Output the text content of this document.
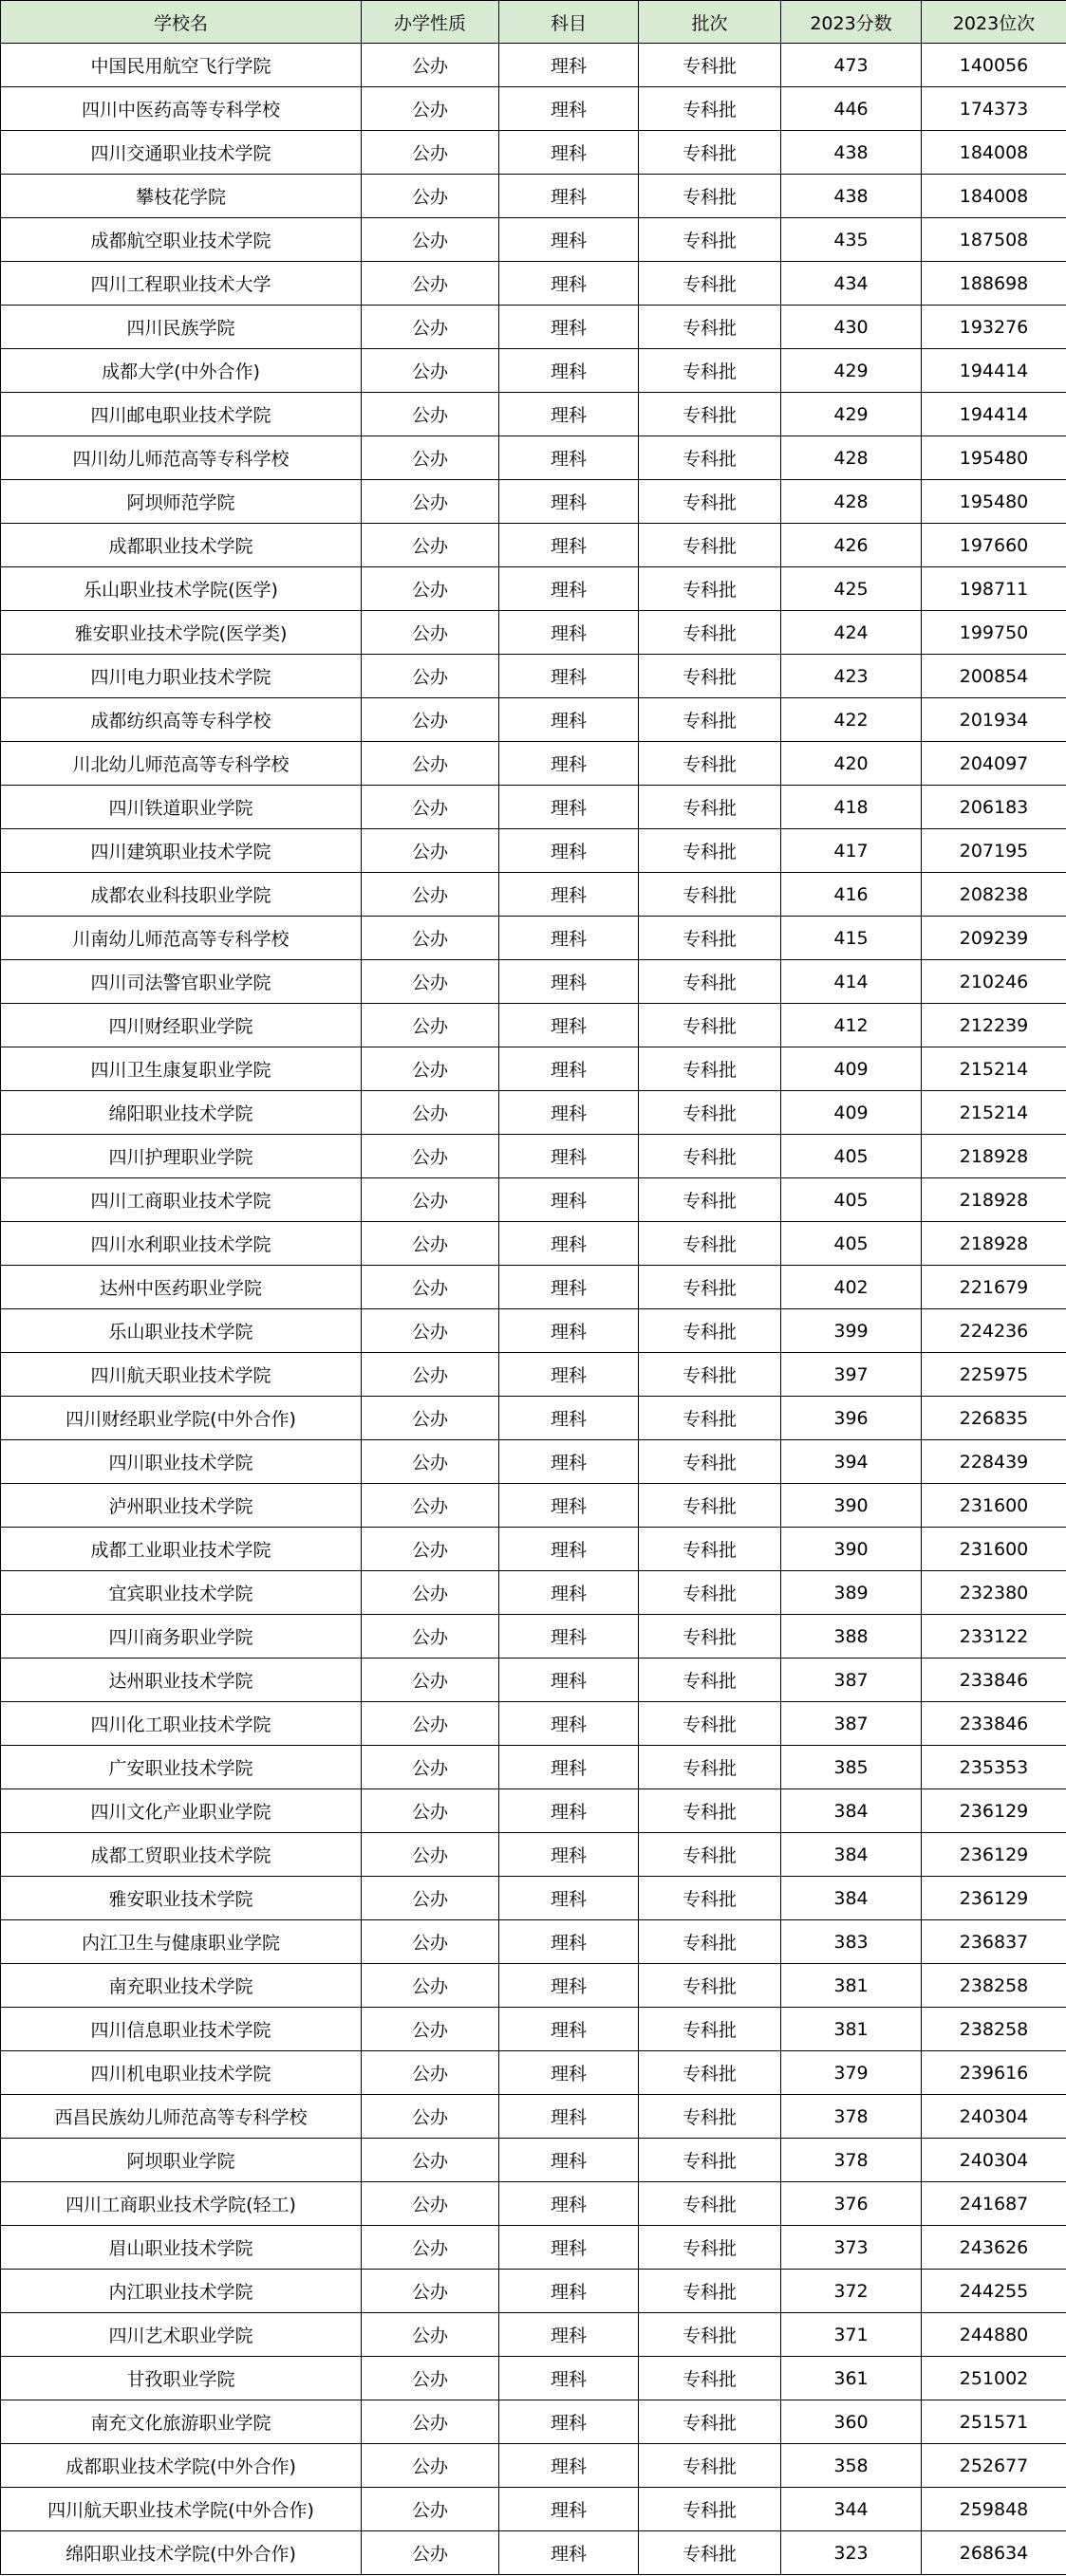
学校名	办学性质	科目	批次	2023分数	2023位次
中国民用航空飞行学院	公办	理科	专科批	473	140056
四川中医药高等专科学校	公办	理科	专科批	446	174373
四川交通职业技术学院	公办	理科	专科批	438	184008
攀枝花学院	公办	理科	专科批	438	184008
成都航空职业技术学院	公办	理科	专科批	435	187508
四川工程职业技术大学	公办	理科	专科批	434	188698
四川民族学院	公办	理科	专科批	430	193276
成都大学(中外合作)	公办	理科	专科批	429	194414
四川邮电职业技术学院	公办	理科	专科批	429	194414
四川幼儿师范高等专科学校	公办	理科	专科批	428	195480
阿坝师范学院	公办	理科	专科批	428	195480
成都职业技术学院	公办	理科	专科批	426	197660
乐山职业技术学院(医学)	公办	理科	专科批	425	198711
雅安职业技术学院(医学类)	公办	理科	专科批	424	199750
四川电力职业技术学院	公办	理科	专科批	423	200854
成都纺织高等专科学校	公办	理科	专科批	422	201934
川北幼儿师范高等专科学校	公办	理科	专科批	420	204097
四川铁道职业学院	公办	理科	专科批	418	206183
四川建筑职业技术学院	公办	理科	专科批	417	207195
成都农业科技职业学院	公办	理科	专科批	416	208238
川南幼儿师范高等专科学校	公办	理科	专科批	415	209239
四川司法警官职业学院	公办	理科	专科批	414	210246
四川财经职业学院	公办	理科	专科批	412	212239
四川卫生康复职业学院	公办	理科	专科批	409	215214
绵阳职业技术学院	公办	理科	专科批	409	215214
四川护理职业学院	公办	理科	专科批	405	218928
四川工商职业技术学院	公办	理科	专科批	405	218928
四川水利职业技术学院	公办	理科	专科批	405	218928
达州中医药职业学院	公办	理科	专科批	402	221679
乐山职业技术学院	公办	理科	专科批	399	224236
四川航天职业技术学院	公办	理科	专科批	397	225975
四川财经职业学院(中外合作)	公办	理科	专科批	396	226835
四川职业技术学院	公办	理科	专科批	394	228439
泸州职业技术学院	公办	理科	专科批	390	231600
成都工业职业技术学院	公办	理科	专科批	390	231600
宜宾职业技术学院	公办	理科	专科批	389	232380
四川商务职业学院	公办	理科	专科批	388	233122
达州职业技术学院	公办	理科	专科批	387	233846
四川化工职业技术学院	公办	理科	专科批	387	233846
广安职业技术学院	公办	理科	专科批	385	235353
四川文化产业职业学院	公办	理科	专科批	384	236129
成都工贸职业技术学院	公办	理科	专科批	384	236129
雅安职业技术学院	公办	理科	专科批	384	236129
内江卫生与健康职业学院	公办	理科	专科批	383	236837
南充职业技术学院	公办	理科	专科批	381	238258
四川信息职业技术学院	公办	理科	专科批	381	238258
四川机电职业技术学院	公办	理科	专科批	379	239616
西昌民族幼儿师范高等专科学校	公办	理科	专科批	378	240304
阿坝职业学院	公办	理科	专科批	378	240304
四川工商职业技术学院(轻工)	公办	理科	专科批	376	241687
眉山职业技术学院	公办	理科	专科批	373	243626
内江职业技术学院	公办	理科	专科批	372	244255
四川艺术职业学院	公办	理科	专科批	371	244880
甘孜职业学院	公办	理科	专科批	361	251002
南充文化旅游职业学院	公办	理科	专科批	360	251571
成都职业技术学院(中外合作)	公办	理科	专科批	358	252677
四川航天职业技术学院(中外合作)	公办	理科	专科批	344	259848
绵阳职业技术学院(中外合作)	公办	理科	专科批	323	268634
